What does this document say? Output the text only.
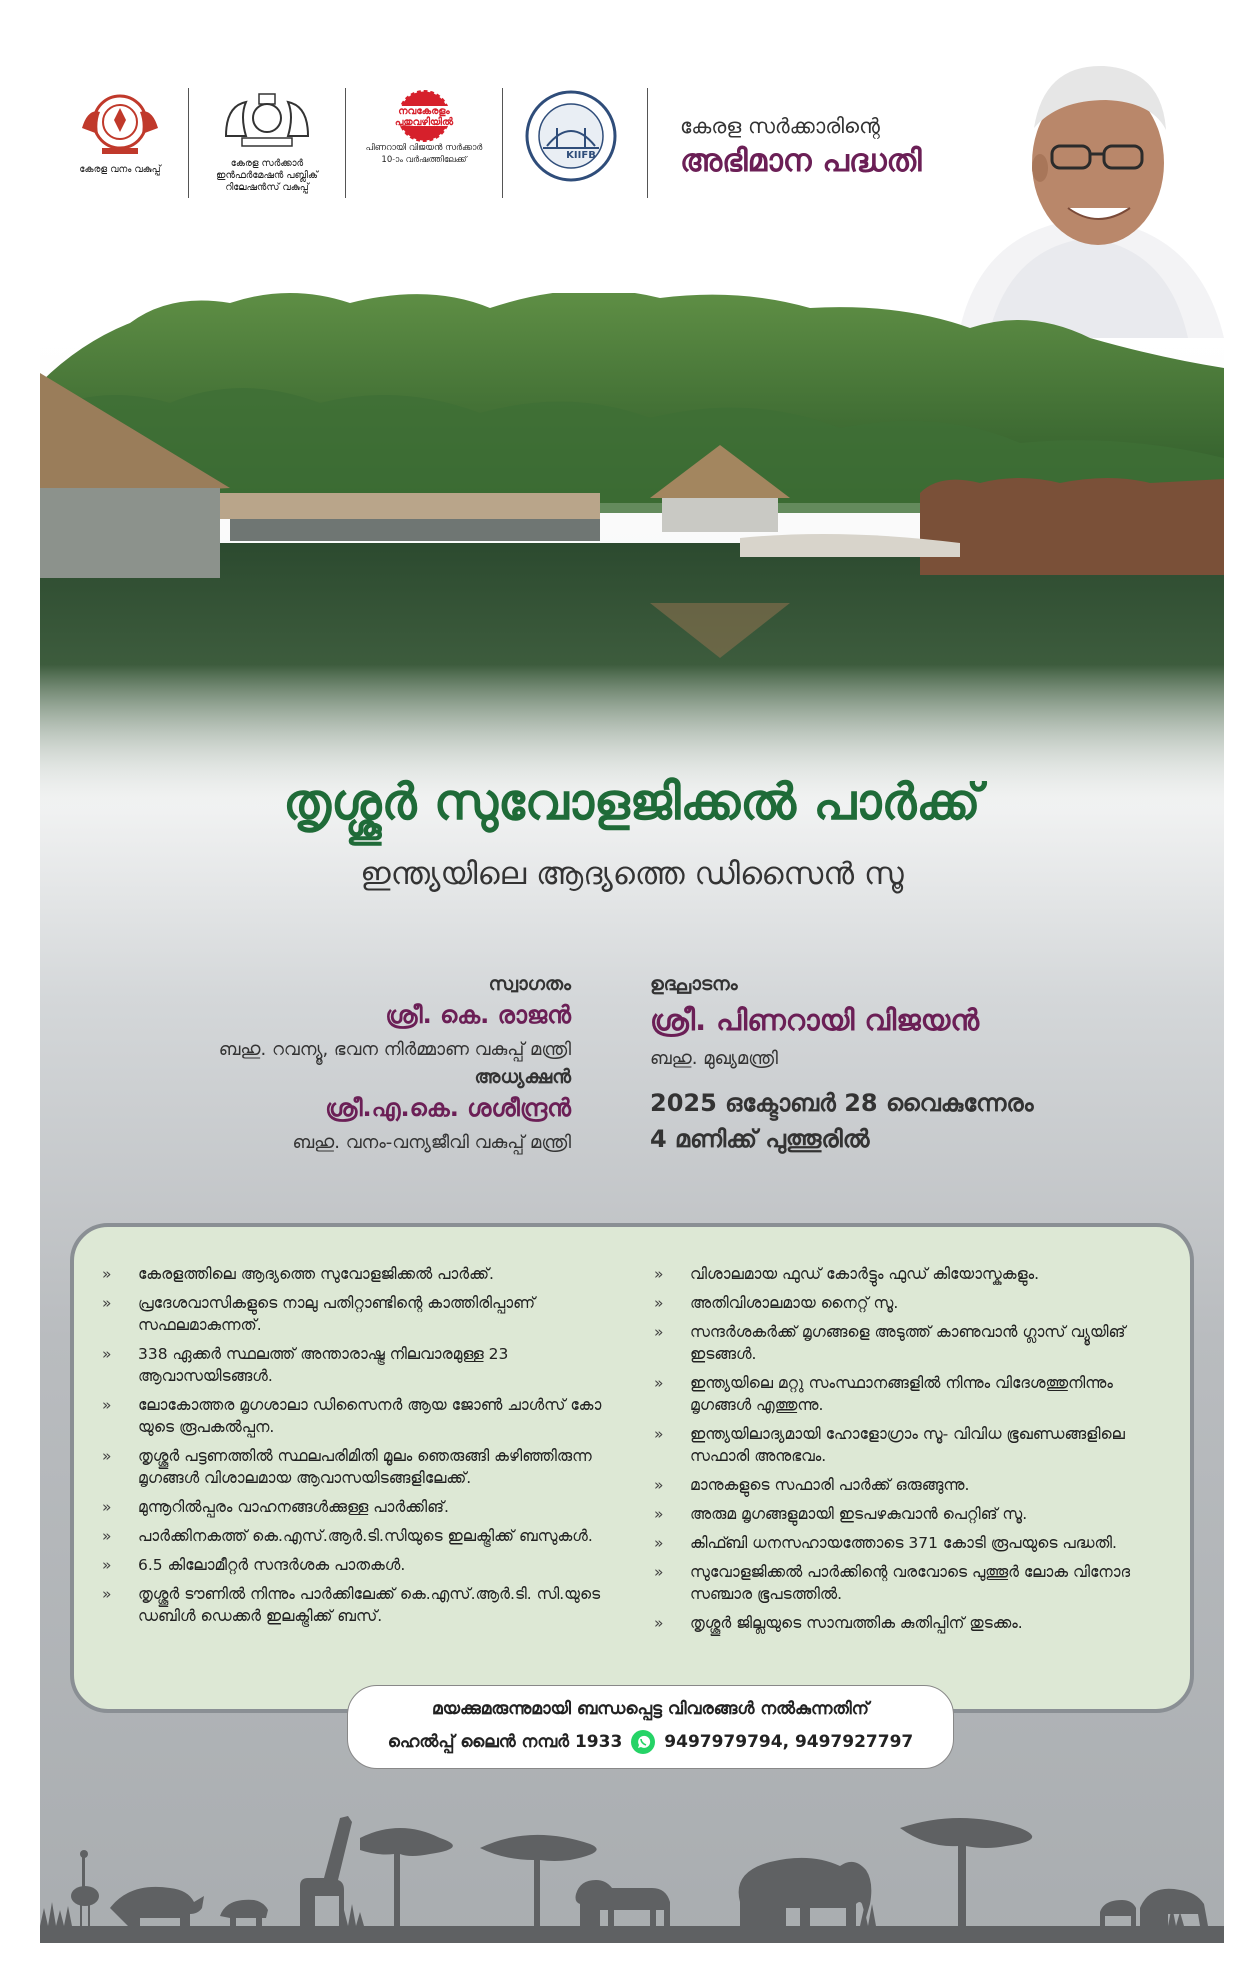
കേരള വനം വകുപ്പ്
കേരള സർക്കാർ
ഇൻഫർമേഷൻ പബ്ലിക്
റിലേഷൻസ് വകുപ്പ്
നവകേരളം പുതുവഴിയിൽ
പിണറായി വിജയൻ സർക്കാർ
10-ാം വർഷത്തിലേക്ക്	KIIFB
കേരള സർക്കാരിന്റെ
അഭിമാന പദ്ധതി
തൃശ്ശൂർ സുവോളജിക്കൽ പാർക്ക്
ഇന്ത്യയിലെ ആദ്യത്തെ ഡിസൈൻ സൂ
സ്വാഗതം
ശ്രീ. കെ. രാജൻ
ബഹു. റവന്യൂ, ഭവന നിർമ്മാണ വകുപ്പ് മന്ത്രി
അധ്യക്ഷൻ
ശ്രീ.എ.കെ. ശശീന്ദ്രൻ
ബഹു. വനം-വന്യജീവി വകുപ്പ് മന്ത്രി
ഉദ്ഘാടനം
ശ്രീ. പിണറായി വിജയൻ
ബഹു. മുഖ്യമന്ത്രി
2025 ഒക്ടോബർ 28 വൈകുന്നേരം
4 മണിക്ക് പുത്തൂരിൽ
» കേരളത്തിലെ ആദ്യത്തെ സുവോളജിക്കൽ പാർക്ക്.
» പ്രദേശവാസികളുടെ നാലു പതിറ്റാണ്ടിന്റെ കാത്തിരിപ്പാണ് സഫലമാകുന്നത്.
» 338 ഏക്കർ സ്ഥലത്ത് അന്താരാഷ്ട്ര നിലവാരമുള്ള 23 ആവാസയിടങ്ങൾ.
» ലോകോത്തര മൃഗശാലാ ഡിസൈനർ ആയ ജോൺ ചാൾസ് കോ യുടെ രൂപകൽപ്പന.
» തൃശ്ശൂർ പട്ടണത്തിൽ സ്ഥലപരിമിതി മൂലം ഞെരുങ്ങി കഴിഞ്ഞിരുന്ന മൃഗങ്ങൾ വിശാലമായ ആവാസയിടങ്ങളിലേക്ക്.
» മുന്നൂറിൽപ്പരം വാഹനങ്ങൾക്കുള്ള പാർക്കിങ്.
» പാർക്കിനകത്ത് കെ.എസ്.ആർ.ടി.സിയുടെ ഇലക്ട്രിക്ക് ബസുകൾ.
» 6.5 കിലോമീറ്റർ സന്ദർശക പാതകൾ.
» തൃശ്ശൂർ ടൗണിൽ നിന്നും പാർക്കിലേക്ക് കെ.എസ്.ആർ.ടി. സി.യുടെ ഡബിൾ ഡെക്കർ ഇലക്ട്രിക്ക് ബസ്.
» വിശാലമായ ഫുഡ് കോർട്ടും ഫുഡ് കിയോസ്കുകളും.
» അതിവിശാലമായ നൈറ്റ് സൂ.
» സന്ദർശകർക്ക് മൃഗങ്ങളെ അടുത്ത് കാണുവാൻ ഗ്ലാസ് വ്യൂയിങ് ഇടങ്ങൾ.
» ഇന്ത്യയിലെ മറ്റു സംസ്ഥാനങ്ങളിൽ നിന്നും വിദേശത്തുനിന്നും മൃഗങ്ങൾ എത്തുന്നു.
» ഇന്ത്യയിലാദ്യമായി ഹോളോഗ്രാം സൂ- വിവിധ ഭൂഖണ്ഡങ്ങളിലെ സഫാരി അനുഭവം.
» മാനുകളുടെ സഫാരി പാർക്ക് ഒരുങ്ങുന്നു.
» അരുമ മൃഗങ്ങളുമായി ഇടപഴകുവാൻ പെറ്റിങ് സൂ.
» കിഫ്ബി ധനസഹായത്തോടെ 371 കോടി രൂപയുടെ പദ്ധതി.
» സുവോളജിക്കൽ പാർക്കിന്റെ വരവോടെ പുത്തൂർ ലോക വിനോദ സഞ്ചാര ഭൂപടത്തിൽ.
» തൃശ്ശൂർ ജില്ലയുടെ സാമ്പത്തിക കുതിപ്പിന് തുടക്കം.
മയക്കുമരുന്നുമായി ബന്ധപ്പെട്ട വിവരങ്ങൾ നൽകുന്നതിന്
ഹെൽപ്പ് ലൈൻ നമ്പർ 1933 9497979794, 9497927797
